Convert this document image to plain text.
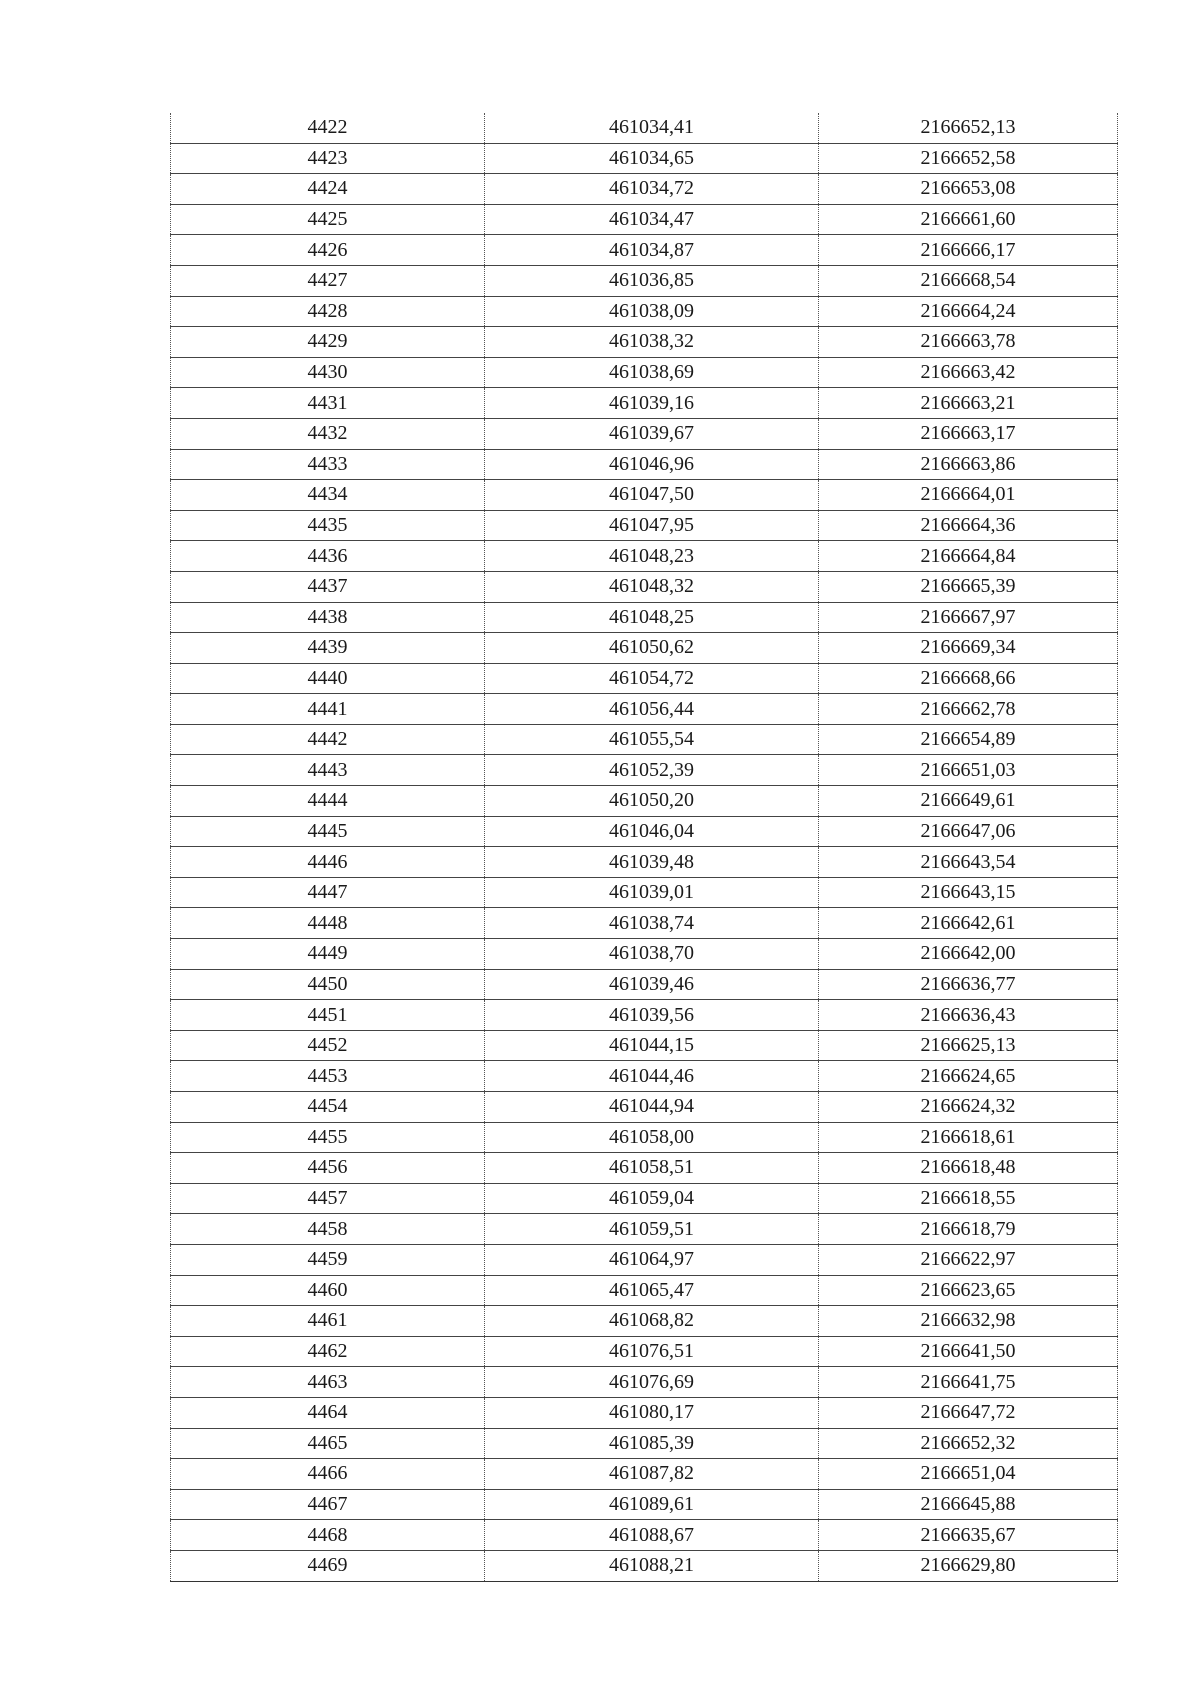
4422	461034,41	2166652,13
4423	461034,65	2166652,58
4424	461034,72	2166653,08
4425	461034,47	2166661,60
4426	461034,87	2166666,17
4427	461036,85	2166668,54
4428	461038,09	2166664,24
4429	461038,32	2166663,78
4430	461038,69	2166663,42
4431	461039,16	2166663,21
4432	461039,67	2166663,17
4433	461046,96	2166663,86
4434	461047,50	2166664,01
4435	461047,95	2166664,36
4436	461048,23	2166664,84
4437	461048,32	2166665,39
4438	461048,25	2166667,97
4439	461050,62	2166669,34
4440	461054,72	2166668,66
4441	461056,44	2166662,78
4442	461055,54	2166654,89
4443	461052,39	2166651,03
4444	461050,20	2166649,61
4445	461046,04	2166647,06
4446	461039,48	2166643,54
4447	461039,01	2166643,15
4448	461038,74	2166642,61
4449	461038,70	2166642,00
4450	461039,46	2166636,77
4451	461039,56	2166636,43
4452	461044,15	2166625,13
4453	461044,46	2166624,65
4454	461044,94	2166624,32
4455	461058,00	2166618,61
4456	461058,51	2166618,48
4457	461059,04	2166618,55
4458	461059,51	2166618,79
4459	461064,97	2166622,97
4460	461065,47	2166623,65
4461	461068,82	2166632,98
4462	461076,51	2166641,50
4463	461076,69	2166641,75
4464	461080,17	2166647,72
4465	461085,39	2166652,32
4466	461087,82	2166651,04
4467	461089,61	2166645,88
4468	461088,67	2166635,67
4469	461088,21	2166629,80
